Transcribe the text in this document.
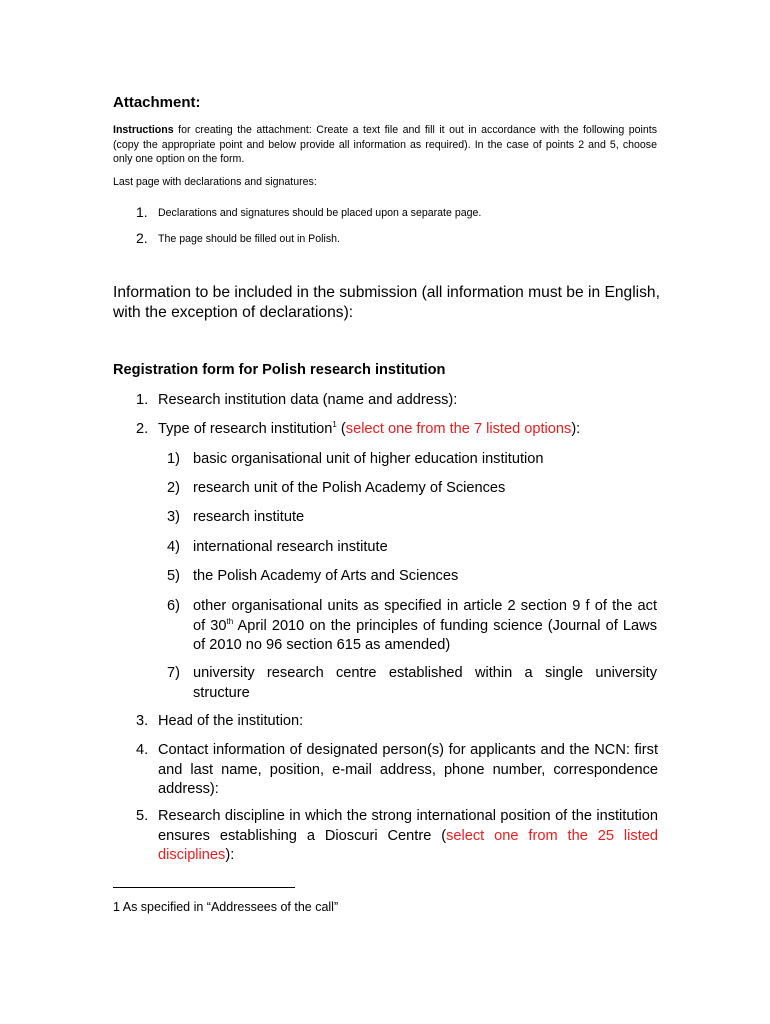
Attachment:
Instructions for creating the attachment: Create a text file and fill it out in accordance with the following points (copy the appropriate point and below provide all information as required). In the case of points 2 and 5, choose only one option on the form.
Last page with declarations and signatures:
1. Declarations and signatures should be placed upon a separate page.
2. The page should be filled out in Polish.
Information to be included in the submission (all information must be in English, with the exception of declarations):
Registration form for Polish research institution
1. Research institution data (name and address):
2. Type of research institution$^1$ (select one from the 7 listed options):
1) basic organisational unit of higher education institution
2) research unit of the Polish Academy of Sciences
3) research institute
4) international research institute
5) the Polish Academy of Arts and Sciences
6) other organisational units as specified in article 2 section 9 f of the act of 30th April 2010 on the principles of funding science (Journal of Laws of 2010 no 96 section 615 as amended)
7) university research centre established within a single university structure
3. Head of the institution:
4. Contact information of designated person(s) for applicants and the NCN: first and last name, position, e-mail address, phone number, correspondence address):
5. Research discipline in which the strong international position of the institution ensures establishing a Dioscuri Centre (select one from the 25 listed disciplines):
1 As specified in “Addressees of the call”
